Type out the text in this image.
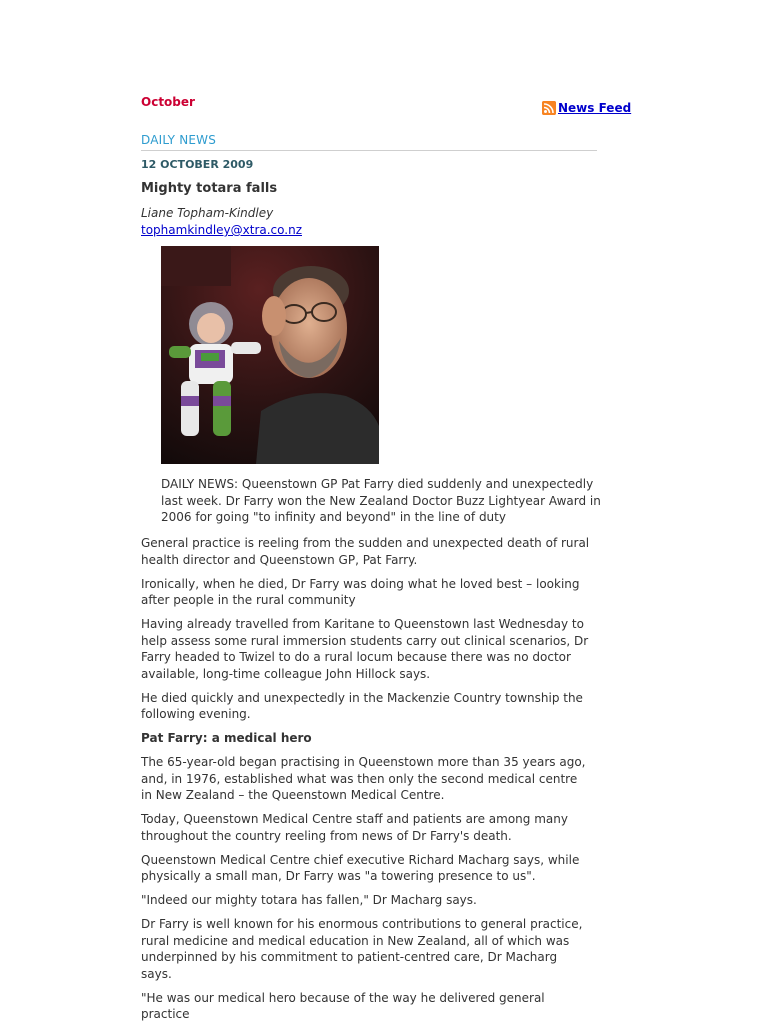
October	News Feed
DAILY NEWS
12 OCTOBER 2009
Mighty totara falls
Liane Topham-Kindley
tophamkindley@xtra.co.nz
DAILY NEWS: Queenstown GP Pat Farry died suddenly and unexpectedly last week. Dr Farry won the New Zealand Doctor Buzz Lightyear Award in 2006 for going "to infinity and beyond" in the line of duty

General practice is reeling from the sudden and unexpected death of rural health director and Queenstown GP, Pat Farry.

Ironically, when he died, Dr Farry was doing what he loved best – looking after people in the rural community

Having already travelled from Karitane to Queenstown last Wednesday to help assess some rural immersion students carry out clinical scenarios, Dr Farry headed to Twizel to do a rural locum because there was no doctor available, long-time colleague John Hillock says.

He died quickly and unexpectedly in the Mackenzie Country township the following evening.

Pat Farry: a medical hero

The 65-year-old began practising in Queenstown more than 35 years ago, and, in 1976, established what was then only the second medical centre in New Zealand – the Queenstown Medical Centre.

Today, Queenstown Medical Centre staff and patients are among many throughout the country reeling from news of Dr Farry's death.

Queenstown Medical Centre chief executive Richard Macharg says, while physically a small man, Dr Farry was "a towering presence to us".

"Indeed our mighty totara has fallen," Dr Macharg says.

Dr Farry is well known for his enormous contributions to general practice, rural medicine and medical education in New Zealand, all of which was underpinned by his commitment to patient-centred care, Dr Macharg says.

"He was our medical hero because of the way he delivered general practice
